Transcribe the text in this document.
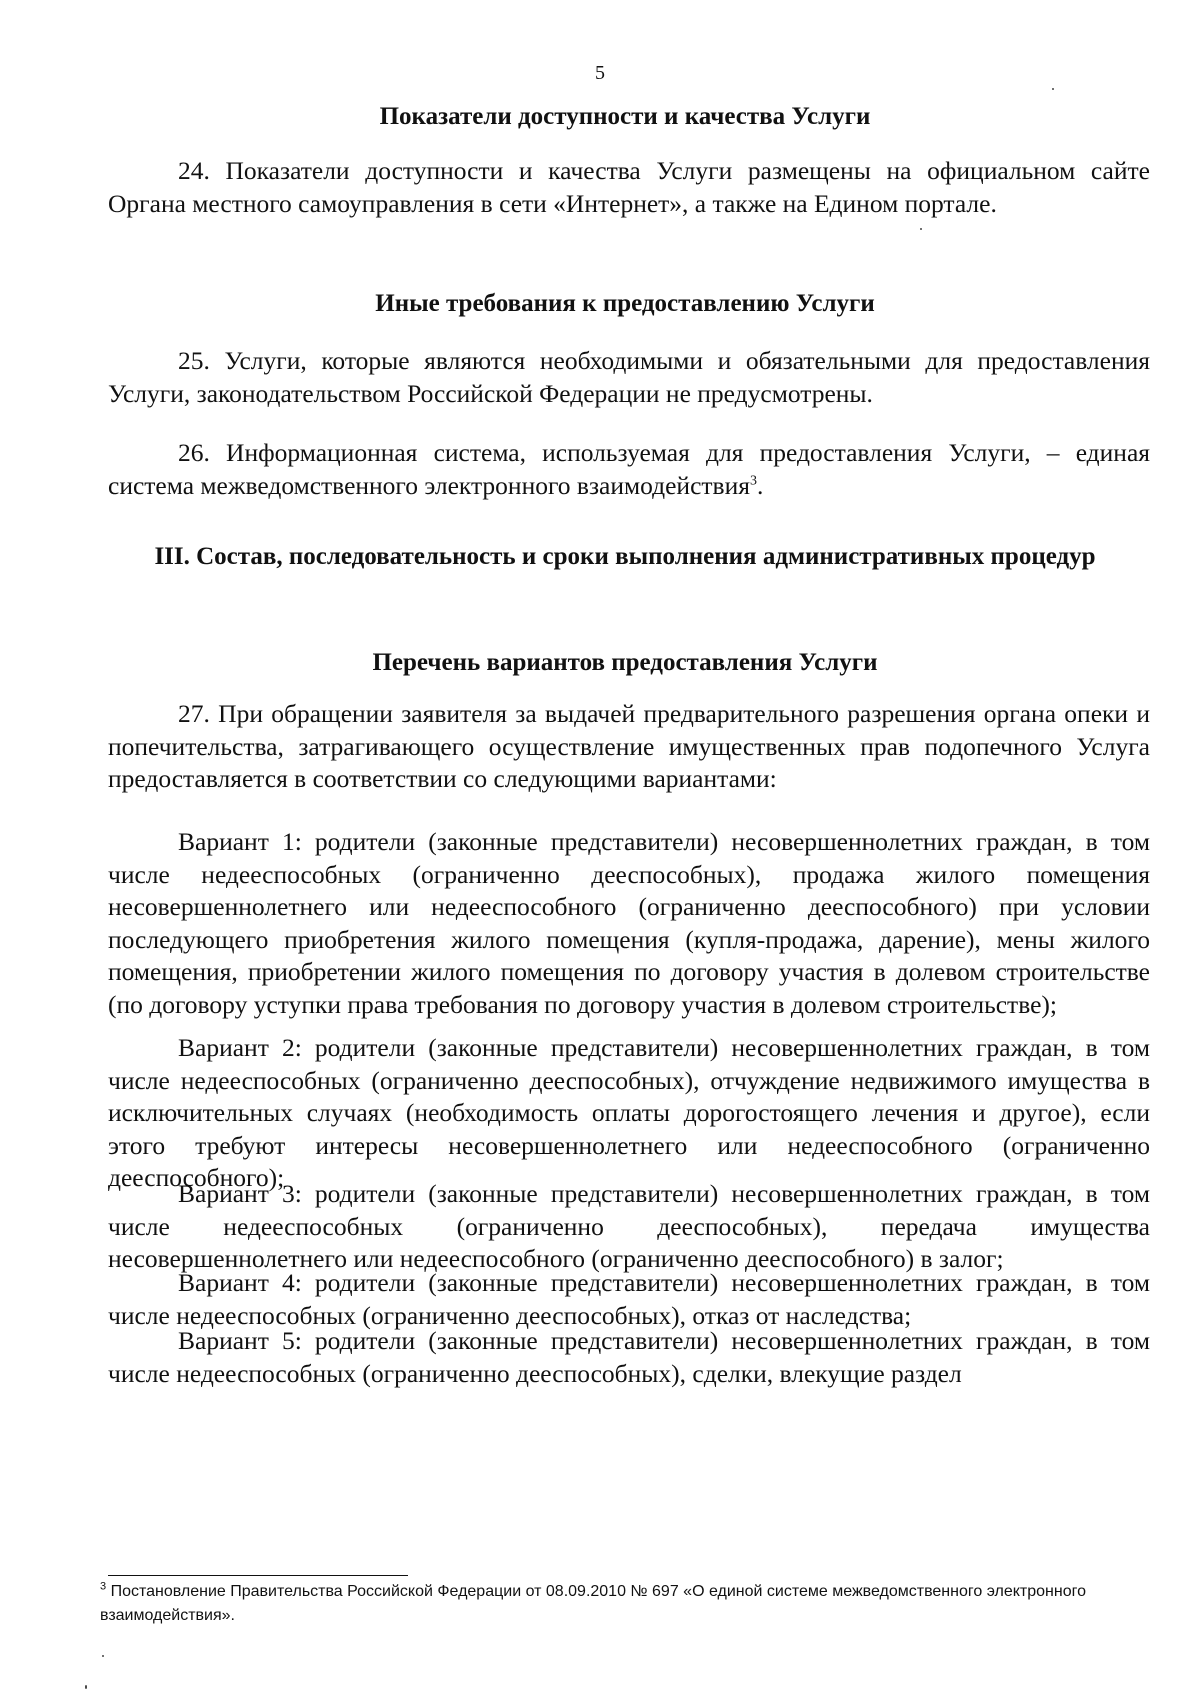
5
Показатели доступности и качества Услуги

24. Показатели доступности и качества Услуги размещены на официальном сайте Органа местного самоуправления в сети «Интернет», а также на Едином портале.

Иные требования к предоставлению Услуги

25. Услуги, которые являются необходимыми и обязательными для предоставления Услуги, законодательством Российской Федерации не предусмотрены.

26. Информационная система, используемая для предоставления Услуги, – единая система межведомственного электронного взаимодействия$^3$.

III. Состав, последовательность и сроки выполнения административных процедур
Перечень вариантов предоставления Услуги

27. При обращении заявителя за выдачей предварительного разрешения органа опеки и попечительства, затрагивающего осуществление имущественных прав подопечного Услуга предоставляется в соответствии со следующими вариантами:

Вариант 1: родители (законные представители) несовершеннолетних граждан, в том числе недееспособных (ограниченно дееспособных), продажа жилого помещения несовершеннолетнего или недееспособного (ограниченно дееспособного) при условии последующего приобретения жилого помещения (купля-продажа, дарение), мены жилого помещения, приобретении жилого помещения по договору участия в долевом строительстве (по договору уступки права требования по договору участия в долевом строительстве);

Вариант 2: родители (законные представители) несовершеннолетних граждан, в том числе недееспособных (ограниченно дееспособных), отчуждение недвижимого имущества в исключительных случаях (необходимость оплаты дорогостоящего лечения и другое), если этого требуют интересы несовершеннолетнего или недееспособного (ограниченно дееспособного);

Вариант 3: родители (законные представители) несовершеннолетних граждан, в том числе недееспособных (ограниченно дееспособных), передача имущества несовершеннолетнего или недееспособного (ограниченно дееспособного) в залог;

Вариант 4: родители (законные представители) несовершеннолетних граждан, в том числе недееспособных (ограниченно дееспособных), отказ от наследства;

Вариант 5: родители (законные представители) несовершеннолетних граждан, в том числе недееспособных (ограниченно дееспособных), сделки, влекущие раздел

$^3$ Постановление Правительства Российской Федерации от 08.09.2010 № 697 «О единой системе межведомственного электронного взаимодействия».
